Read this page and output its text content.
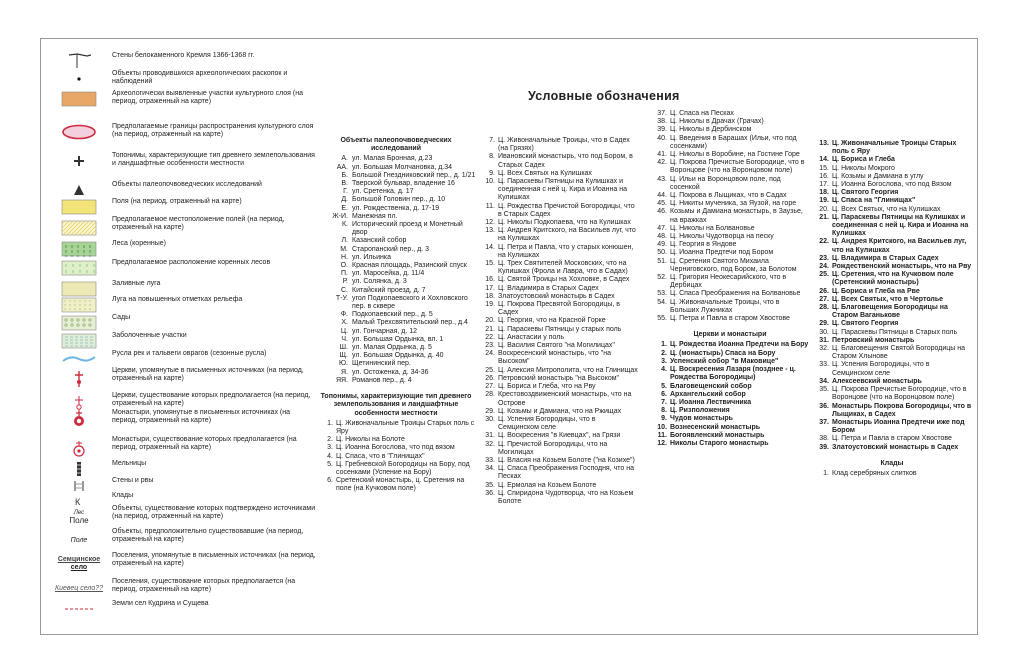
Условные обозначения
Объекты палеопочвоведческих исследований
А. ул. Малая Бронная, д.23
АА. ул. Большая Молчановка, д.34
Б. Большой Гнездниковский пер., д. 1/21
В. Тверской бульвар, владение 16
Г. ул. Сретенка, д. 17
Д. Большой Головин пер., д. 10
Е. ул. Рождественка, д. 17-19
Ж-И. Манежная пл.
К. Исторический проезд и Монетный двор
Л. Казанский собор
М. Старопанский пер., д. 3
Н. ул. Ильинка
О. Красная площадь, Разинский спуск
П. ул. Маросейка, д. 11/4
Р. ул. Солянка, д. 3
С. Китайский проезд, д. 7
Т-У. угол Подкопаевского и Хохловского пер. в сквере
Ф. Подкопаевский пер., д. 5
Х. Малый Трехсвятительский пер., д.4
Ц. ул. Гончарная, д. 12
Ч. ул. Большая Ордынка, вл. 1
Ш. ул. Малая Ордынка, д. 5
Щ. ул. Большая Ордынка, д. 40
Ю. Щетининский пер.
Я. ул. Остоженка, д. 34-36
ЯЯ. Романов пер., д. 4
Топонимы, характеризующие тип древнего землепользования и ландшафтные особенности местности
1. Ц. Живоначальные Троицы Старых поль с Яру
2. Ц. Николы на Болоте
3. Ц. Иоанна Богослова, что под вязом
4. Ц. Спаса, что в "Глинищах"
5. Ц. Гребневской Богородицы на Бору, под сосенками (Успение на Бору)
6. Сретенский монастырь, ц. Сретения на поле (на Кучковом поле)
7. Ц. Живоначальные Троицы, что в Садех (на Грязях)
8. Ивановский монастырь, что под Бором, в Старых Садех
9. Ц. Всех Святых на Кулишках
10. Ц. Параскевы Пятницы на Кулишках и соединенная с ней ц. Кира и Иоанна на Кулишках
11. Ц. Рождества Пречистой Богородицы, что в Старых Садех
12. Ц. Николы Подкопаева, что на Кулишках
13. Ц. Андрея Критского, на Васильев луг, что на Кулишках
14. Ц. Петра и Павла, что у старых конюшен, на Кулишках
15. Ц. Трех Святителей Московских, что на Кулишках (Фрола и Лавра, что в Садах)
16. Ц. Святой Троицы на Хохловке, в Садех
17. Ц. Владимира в Старых Садех
18. Златоустовский монастырь в Садех
19. Ц. Покрова Пресвятой Богородицы, в Садех
20. Ц. Георгия, что на Красной Горке
21. Ц. Параскевы Пятницы у старых поль
22. Ц. Анастасии у поль
23. Ц. Василия Святого "на Могилицах"
24. Воскресенский монастырь, что "на Высоком"
25. Ц. Алексия Митрополита, что на Глинищах
26. Петровский монастырь "на Высоком"
27. Ц. Бориса и Глеба, что на Рву
28. Крестовоздвиженский монастырь, что на Острове
29. Ц. Козьмы и Дамиана, что на Ржищах
30. Ц. Успения Богородицы, что в Семцинском селе
31. Ц. Воскресения "в Киевцах", на Грязи
32. Ц. Пречистой Богородицы, что на Могилицах
33. Ц. Власия на Козьем Болоте ("на Козихе")
34. Ц. Спаса Преображения Господня, что на Песках
35. Ц. Ермолая на Козьем Болоте
36. Ц. Спиридона Чудотворца, что на Козьем Болоте
37. Ц. Спаса на Песках
38. Ц. Николы в Драчах (Грачах)
39. Ц. Николы в Дербинском
40. Ц. Введения в Барашах (Ильи, что под сосенками)
41. Ц. Николы в Воробине, на Гостине Горе
42. Ц. Покрова Пречистые Богородице, что в Воронцове (что на Воронцовом поле)
43. Ц. Ильи на Воронцовом поле, под сосенкой
44. Ц. Покрова в Лыщиках, что в Садах
45. Ц. Никиты мученика, за Яузой, на горе
46. Козьмы и Дамиана монастырь, в Заузье, на вражках
47. Ц. Николы на Болвановье
48. Ц. Николы Чудотворца на песку
49. Ц. Георгия в Яндове
50. Ц. Иоанна Предтечи под Бором
51. Ц. Сретения Святого Михаила Черниговского, под Бором, за Болотом
52. Ц. Григория Неокесарийского, что в Дербицах
53. Ц. Спаса Преображения на Болвановье
54. Ц. Живоначальные Троицы, что в Больших Лужниках
55. Ц. Петра и Павла в старом Хвостове
Церкви и монастыри
1. Ц. Рождества Иоанна Предтечи на Бору
2. Ц. (монастырь) Спаса на Бору
3. Успенский собор "в Маковице"
4. Ц. Воскресения Лазаря (позднее - ц. Рождества Богородицы)
5. Благовещенский собор
6. Архангельский собор
7. Ц. Иоанна Лествичника
8. Ц. Ризположения
9. Чудов монастырь
10. Вознесенский монастырь
11. Богоявленский монастырь
12. Николы Старого монастырь
13. Ц. Живоначальные Троицы Старых поль с Яру
14. Ц. Бориса и Глеба
15. Ц. Николы Мокрого
16. Ц. Козьмы и Дамиана в углу
17. Ц. Иоанна Богослова, что под Вязом
18. Ц. Святого Георгия
19. Ц. Спаса на "Глинищах"
20. Ц. Всех Святых, что на Кулишках
21. Ц. Параскевы Пятницы на Кулишках и соединенная с ней ц. Кира и Иоанна на Кулишках
22. Ц. Андрея Критского, на Васильев луг, что на Кулишках
23. Ц. Владимира в Старых Садех
24. Рождественский монастырь, что на Рву
25. Ц. Сретения, что на Кучковом поле (Сретенский монастырь)
26. Ц. Бориса и Глеба на Рве
27. Ц. Всех Святых, что в Чертолье
28. Ц. Благовещения Богородицы на Старом Ваганькове
29. Ц. Святого Георгия
30. Ц. Параскевы Пятницы в Старых поль
31. Петровский монастырь
32. Ц. Благовещения Святой Богородицы на Старом Хлынове
33. Ц. Успения Богородицы, что в Семцинском селе
34. Алексеевский монастырь
35. Ц. Покрова Пречистые Богородице, что в Воронцове (что на Воронцовом поле)
36. Монастырь Покрова Богородицы, что в Лыщиках, в Садех
37. Монастырь Иоанна Предтечи иже под Бором
38. Ц. Петра и Павла в старом Хвостове
39. Златоустовский монастырь в Садех
Клады
1. Клад серебряных слитков
Стены белокаменного Кремля 1366-1368 гг.
Объекты проводившихся археологических раскопок и наблюдений
Археологически выявленные участки культурного слоя (на период, отраженный на карте)
Предполагаемые границы распространения культурного слоя (на период, отраженный на карте)
Топонимы, характеризующие тип древнего землепользования и ландшафтные особенности местности
Объекты палеопочвоведческих исследований
Поля (на период, отраженный на карте)
Предполагаемое местоположение полей (на период, отраженный на карте)
Леса (коренные)
Предполагаемое расположение коренных лесов
Заливные луга
Луга на повышенных отметках рельефа
Сады
Заболоченные участки
Русла рек и тальвеги оврагов (сезонные русла)
Церкви, упомянутые в письменных источниках (на период, отраженный на карте)
Церкви, существование которых предполагается (на период, отраженный на карте)
Монастыри, упомянутые в письменных источниках (на период, отраженный на карте)
Монастыри, существование которых предполагается (на период, отраженный на карте)
Мельницы
Стены и рвы
К
Клады
Лес
Поле
Объекты, существование которых подтверждено источниками (на период, отраженный на карте)
Поле
Объекты, предположительно существовавшие (на период, отраженный на карте)
Семцинское
село
Поселения, упомянутые в письменных источниках (на период, отраженный на карте)
Киевец село??
Поселения, существование которых предполагается (на период, отраженный на карте)
Земли сел Кудрина и Сущева
